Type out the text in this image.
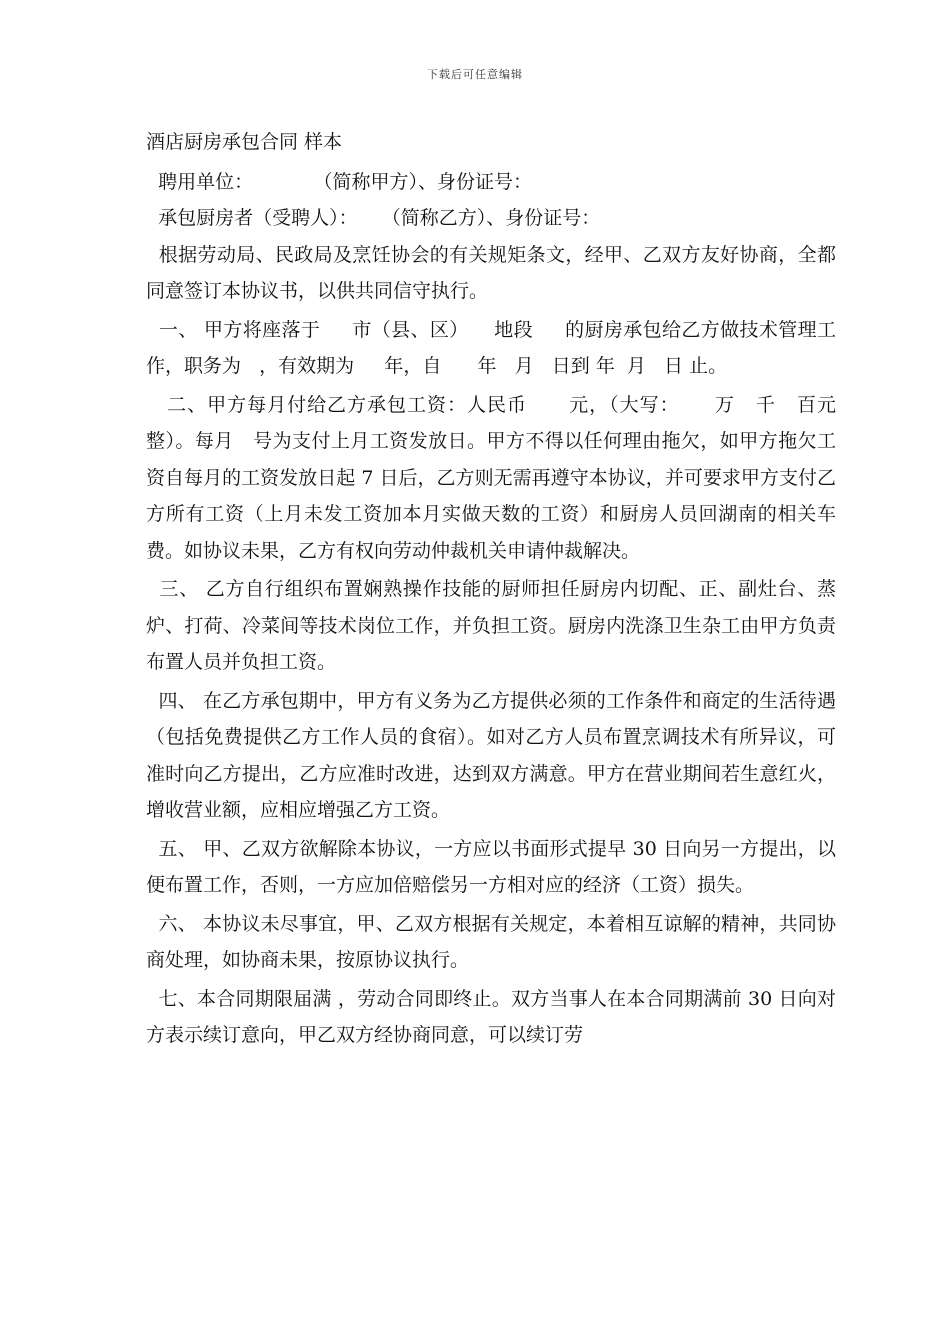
下载后可任意编辑

酒店厨房承包合同 样本

聘用单位：          （简称甲方）、身份证号：

承包厨房者（受聘人）：    （简称乙方）、身份证号：

根据劳动局、民政局及烹饪协会的有关规矩条文，经甲、乙双方友好协商，全都同意签订本协议书，以供共同信守执行。

一、 甲方将座落于     市（县、区）    地段     的厨房承包给乙方做技术管理工作，职务为   ，有效期为     年，自      年   月   日到 年  月   日 止。

二、甲方每月付给乙方承包工资：人民币      元，（大写：     万   千   百元整）。每月   号为支付上月工资发放日。甲方不得以任何理由拖欠，如甲方拖欠工资自每月的工资发放日起 7 日后，乙方则无需再遵守本协议，并可要求甲方支付乙方所有工资（上月未发工资加本月实做天数的工资）和厨房人员回湖南的相关车费。如协议未果，乙方有权向劳动仲裁机关申请仲裁解决。

三、 乙方自行组织布置娴熟操作技能的厨师担任厨房内切配、正、副灶台、蒸炉、打荷、冷菜间等技术岗位工作，并负担工资。厨房内洗涤卫生杂工由甲方负责布置人员并负担工资。

四、 在乙方承包期中，甲方有义务为乙方提供必须的工作条件和商定的生活待遇（包括免费提供乙方工作人员的食宿）。如对乙方人员布置烹调技术有所异议，可准时向乙方提出，乙方应准时改进，达到双方满意。甲方在营业期间若生意红火，增收营业额，应相应增强乙方工资。

五、 甲、乙双方欲解除本协议，一方应以书面形式提早 30 日向另一方提出，以便布置工作，否则，一方应加倍赔偿另一方相对应的经济（工资）损失。

六、 本协议未尽事宜，甲、乙双方根据有关规定，本着相互谅解的精神，共同协商处理，如协商未果，按原协议执行。

七、本合同期限届满 ，劳动合同即终止。双方当事人在本合同期满前 30 日向对方表示续订意向，甲乙双方经协商同意，可以续订劳
